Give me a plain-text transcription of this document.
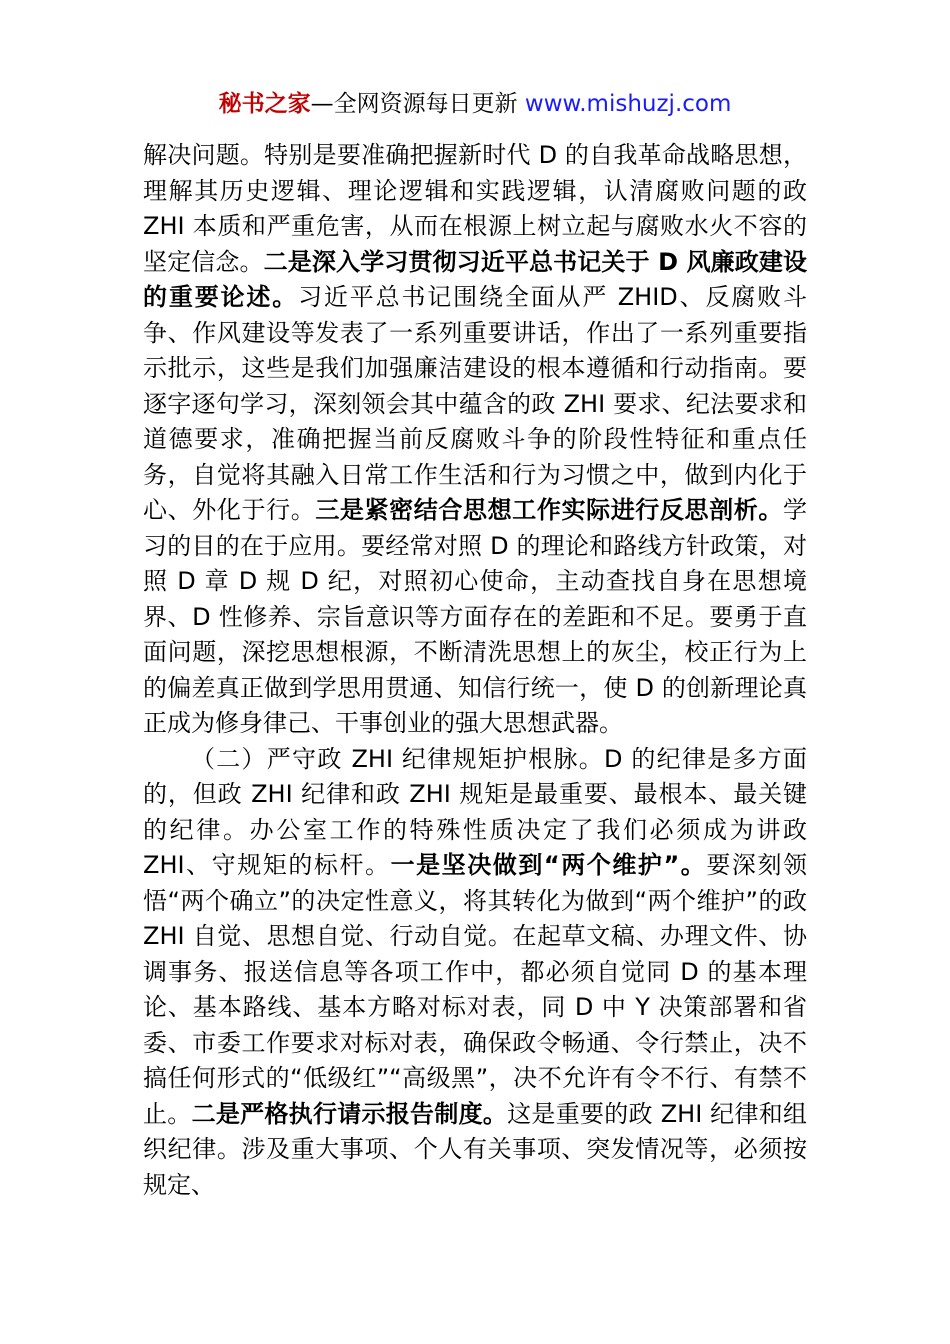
秘书之家—全网资源每日更新 www.mishuzj.com

解决问题。特别是要准确把握新时代 D 的自我革命战略思想，理解其历史逻辑、理论逻辑和实践逻辑，认清腐败问题的政 ZHI 本质和严重危害，从而在根源上树立起与腐败水火不容的坚定信念。二是深入学习贯彻习近平总书记关于 D 风廉政建设的重要论述。习近平总书记围绕全面从严 ZHID、反腐败斗争、作风建设等发表了一系列重要讲话，作出了一系列重要指示批示，这些是我们加强廉洁建设的根本遵循和行动指南。要逐字逐句学习，深刻领会其中蕴含的政 ZHI 要求、纪法要求和道德要求，准确把握当前反腐败斗争的阶段性特征和重点任务，自觉将其融入日常工作生活和行为习惯之中，做到内化于心、外化于行。三是紧密结合思想工作实际进行反思剖析。学习的目的在于应用。要经常对照 D 的理论和路线方针政策，对照 D 章 D 规 D 纪，对照初心使命，主动查找自身在思想境界、D 性修养、宗旨意识等方面存在的差距和不足。要勇于直面问题，深挖思想根源，不断清洗思想上的灰尘，校正行为上的偏差真正做到学思用贯通、知信行统一，使 D 的创新理论真正成为修身律己、干事创业的强大思想武器。

（二）严守政 ZHI 纪律规矩护根脉。D 的纪律是多方面的，但政 ZHI 纪律和政 ZHI 规矩是最重要、最根本、最关键的纪律。办公室工作的特殊性质决定了我们必须成为讲政 ZHI、守规矩的标杆。一是坚决做到“两个维护”。要深刻领悟“两个确立”的决定性意义，将其转化为做到“两个维护”的政 ZHI 自觉、思想自觉、行动自觉。在起草文稿、办理文件、协调事务、报送信息等各项工作中，都必须自觉同 D 的基本理论、基本路线、基本方略对标对表，同 D 中 Y 决策部署和省委、市委工作要求对标对表，确保政令畅通、令行禁止，决不搞任何形式的“低级红”“高级黑”，决不允许有令不行、有禁不止。二是严格执行请示报告制度。这是重要的政 ZHI 纪律和组织纪律。涉及重大事项、个人有关事项、突发情况等，必须按规定、
